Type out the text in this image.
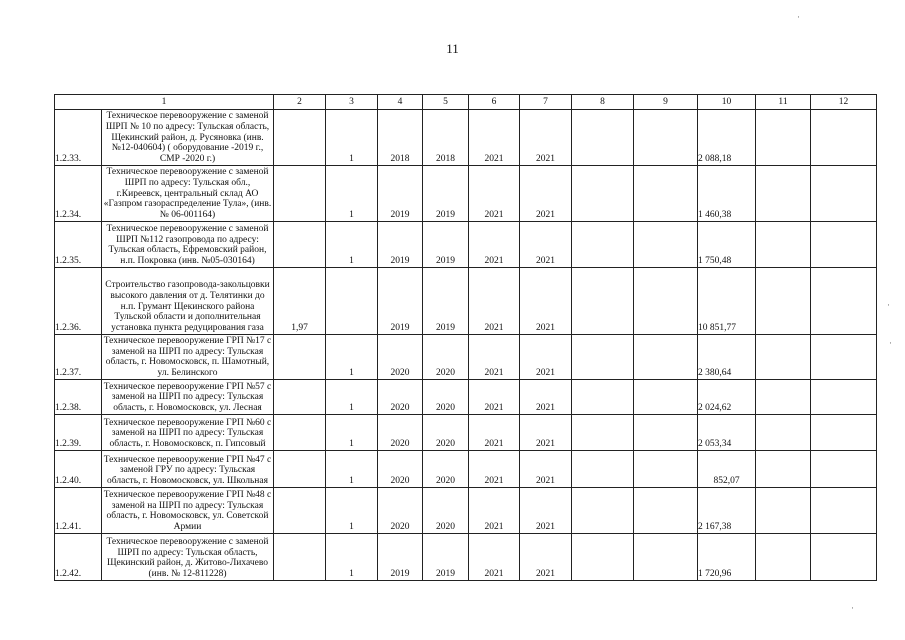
11
1		2	3	4	5	6	7	8	9	10	11	12
1.2.33.	Техническое перевооружение с заменой ШРП № 10 по адресу: Тульская область, Щекинский район, д. Русяновка (инв. №12-040604) ( оборудование -2019 г., СМР -2020 г.)		1	2018	2018	2021	2021			2 088,18		
1.2.34.	Техническое перевооружение с заменой ШРП по адресу: Тульская обл., г.Киреевск, центральный склад АО «Газпром газораспределение Тула», (инв. № 06-001164)		1	2019	2019	2021	2021			1 460,38		
1.2.35.	Техническое перевооружение с заменой ШРП №112 газопровода по адресу: Тульская область, Ефремовский район, н.п. Покровка (инв. №05-030164)		1	2019	2019	2021	2021			1 750,48		
1.2.36.	Строительство газопровода-закольцовки высокого давления от д. Телятинки до н.п. Грумант Щекинского района Тульской области и дополнительная установка пункта редуцирования газа	1,97		2019	2019	2021	2021			10 851,77		
1.2.37.	Техническое перевооружение ГРП №17 с заменой на ШРП по адресу: Тульская область, г. Новомосковск, п. Шамотный, ул. Белинского		1	2020	2020	2021	2021			2 380,64		
1.2.38.	Техническое перевооружение ГРП №57 с заменой на ШРП по адресу: Тульская область, г. Новомосковск, ул. Лесная		1	2020	2020	2021	2021			2 024,62		
1.2.39.	Техническое перевооружение ГРП №60 с заменой на ШРП по адресу: Тульская область, г. Новомосковск, п. Гипсовый		1	2020	2020	2021	2021			2 053,34		
1.2.40.	Техническое перевооружение ГРП №47 с заменой ГРУ по адресу: Тульская область, г. Новомосковск, ул. Школьная		1	2020	2020	2021	2021			852,07		
1.2.41.	Техническое перевооружение ГРП №48 с заменой на ШРП по адресу: Тульская область, г. Новомосковск, ул. Советской Армии		1	2020	2020	2021	2021			2 167,38		
1.2.42.	Техническое перевооружение с заменой ШРП по адресу: Тульская область, Щекинский район, д. Житово-Лихачево (инв. № 12-811228)		1	2019	2019	2021	2021			1 720,96		
·
·
·
·
